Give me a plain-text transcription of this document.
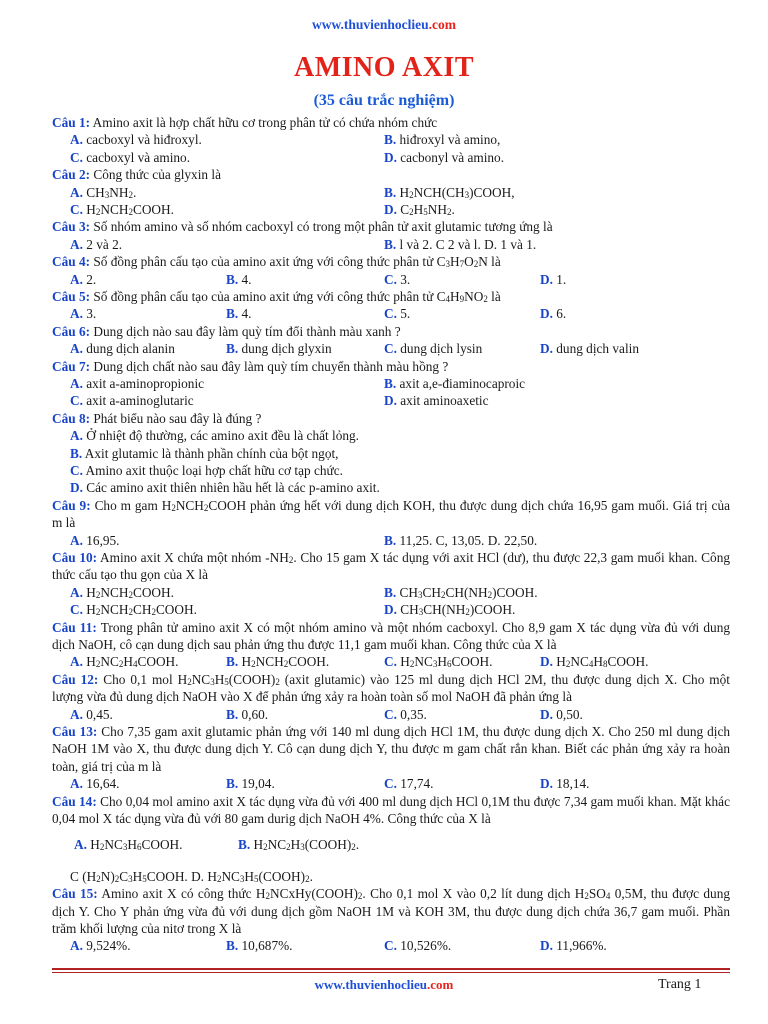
www.thuvienhoclieu.com
AMINO AXIT
(35 câu trắc nghiệm)
Câu 1: Amino axit là hợp chất hữu cơ trong phân tử có chứa nhóm chức
A. cacboxyl và hiđroxyl.	B. hiđroxyl và amino,
C. cacboxyl và amino.	D. cacbonyl và amino.
Câu 2: Công thức của glyxin là
A. $CH_3NH_2$.	B. $H_2NCH(CH_3)COOH$,
C. $H_2NCH_2COOH$.	D. $C_2H_5NH_2$.
Câu 3: Số nhóm amino và số nhóm cacboxyl có trong một phân tử axit glutamic tương ứng là
A. 2 và 2.	B. l và 2. C 2 và l. D. 1 và 1.
Câu 4: Số đồng phân cấu tạo của amino axit ứng với công thức phân tử $C_3H_7O_2N$ là
A. 2.	B. 4.	C. 3.	D. 1.
Câu 5: Số đồng phân cấu tạo của amino axit ứng với công thức phân tử $C_4H_9NO_2$ là
A. 3.	B. 4.	C. 5.	D. 6.
Câu 6: Dung dịch nào sau đây làm quỳ tím đổi thành màu xanh ?
A. dung dịch alanin	B. dung dịch glyxin	C. dung dịch lysin	D. dung dịch valin
Câu 7: Dung dịch chất nào sau đây làm quỳ tím chuyển thành màu hồng ?
A. axit a-aminopropionic	B. axit a,e-điaminocaproic
C. axit a-aminoglutaric	D. axit aminoaxetic
Câu 8: Phát biểu nào sau đây là đúng ?
A. Ở nhiệt độ thường, các amino axit đều là chất lỏng.
B. Axit glutamic là thành phần chính của bột ngọt,
C. Amino axit thuộc loại hợp chất hữu cơ tạp chức.
D. Các amino axit thiên nhiên hầu hết là các p-amino axit.
Câu 9: Cho m gam $H_2NCH_2COOH$ phản ứng hết với dung dịch KOH, thu được dung dịch chứa 16,95 gam muối. Giá trị của m là
A. 16,95.	B. 11,25. C, 13,05. D. 22,50.
Câu 10: Amino axit X chứa một nhóm $-NH_2$. Cho 15 gam X tác dụng với axit HCl (dư), thu được 22,3 gam muối khan. Công thức cấu tạo thu gọn của X là
A. $H_2NCH_2COOH$.	B. $CH_3CH_2CH(NH_2)COOH$.
C. $H_2NCH_2CH_2COOH$.	D. $CH_3CH(NH_2)COOH$.
Câu 11: Trong phân tử amino axit X có một nhóm amino và một nhóm cacboxyl. Cho 8,9 gam X tác dụng vừa đủ với dung dịch NaOH, cô cạn dung dịch sau phản ứng thu được 11,1 gam muối khan. Công thức của X là
A. $H_2NC_2H_4COOH$.	B. $H_2NCH_2COOH$.	C. $H_2NC_3H_6COOH$.	D. $H_2NC_4H_8COOH$.
Câu 12: Cho 0,1 mol $H_2NC_3H_5(COOH)_2$ (axit glutamic) vào 125 ml dung dịch HCl 2M, thu được dung dịch X. Cho một lượng vừa đủ dung dịch NaOH vào X để phản ứng xảy ra hoàn toàn số mol NaOH đã phản ứng là
A. 0,45.	B. 0,60.	C. 0,35.	D. 0,50.
Câu 13: Cho 7,35 gam axit glutamic phản ứng với 140 ml dung dịch HCl 1M, thu được dung dịch X. Cho 250 ml dung dịch NaOH 1M vào X, thu được dung dịch Y. Cô cạn dung dịch Y, thu được m gam chất rắn khan. Biết các phản ứng xảy ra hoàn toàn, giá trị của m là
A. 16,64.	B. 19,04.	C. 17,74.	D. 18,14.
Câu 14: Cho 0,04 mol amino axit X tác dụng vừa đủ với 400 ml dung dịch HCl 0,1M thu được 7,34 gam muối khan. Mặt khác 0,04 mol X tác dụng vừa đủ với 80 gam durig dịch NaOH 4%. Công thức của X là
A. $H_2NC_3H_6COOH$.	B. $H_2NC_2H_3(COOH)_2$.
C $(H_2N)_2C_3H_5COOH$. D. $H_2NC_3H_5(COOH)_2$.
Câu 15: Amino axit X có công thức $H_2NCxHy(COOH)_2$. Cho 0,1 mol X vào 0,2 lít dung dịch $H_2SO_4$ 0,5M, thu được dung dịch Y. Cho Y phản ứng vừa đủ với dung dịch gồm NaOH 1M và KOH 3M, thu được dung dịch chứa 36,7 gam muối. Phần trăm khối lượng của nitơ trong X là
A. 9,524%.	B. 10,687%.	C. 10,526%.	D. 11,966%.
www.thuvienhoclieu.com	Trang 1
